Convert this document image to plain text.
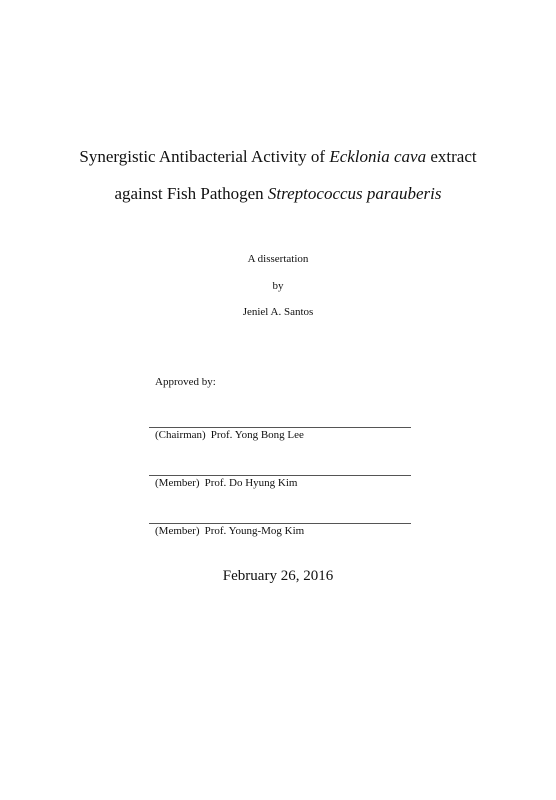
Synergistic Antibacterial Activity of Ecklonia cava extract
against Fish Pathogen Streptococcus parauberis
A dissertation
by
Jeniel A. Santos
Approved by:
(Chairman) Prof. Yong Bong Lee
(Member) Prof. Do Hyung Kim
(Member) Prof. Young-Mog Kim
February 26, 2016
